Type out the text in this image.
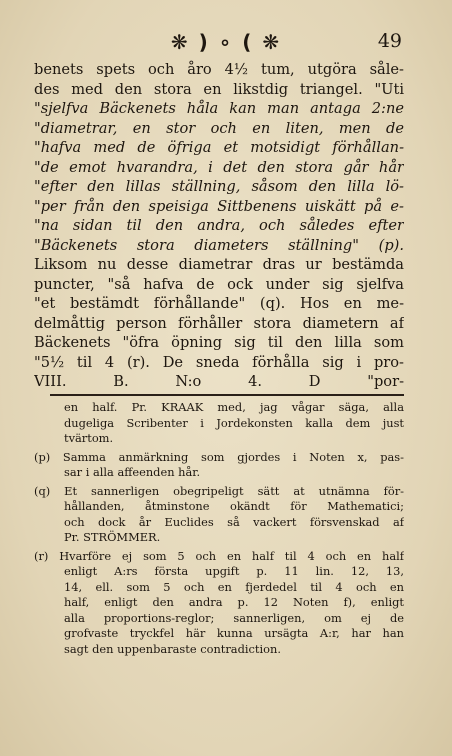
❋ ) ∘ ( ❋	49
benets spets och åro 4½ tum, utgöra såle-
des med den stora en likstdig triangel. "Uti
"sjelfva Bäckenets håla kan man antaga 2:ne
"diametrar, en stor och en liten, men de
"hafva med de öfriga et motsidigt förhållan-
"de emot hvarandra, i det den stora går hår
"efter den lillas ställning, såsom den lilla lö-
"per från den speisiga Sittbenens uiskätt på e-
"na sidan til den andra, och således efter
"Bäckenets stora diameters ställning" (p).
Liksom nu desse diametrar dras ur bestämda
puncter, "så hafva de ock under sig sjelfva
"et bestämdt förhållande" (q). Hos en me-
delmåttig person förhåller stora diametern af
Bäckenets "öfra öpning sig til den lilla som
"5½ til 4 (r). De sneda förhålla sig i pro-
VIII. B. N:o 4. D "por-
en half. Pr. KRAAK med, jag vågar säga, alla
dugeliga Scribenter i Jordekonsten kalla dem just
tvärtom.
(p) Samma anmärkning som gjordes i Noten x, pas-
sar i alla affeenden hår.
(q) Et sannerligen obegripeligt sätt at utnämna för-
hållanden, åtminstone okändt för Mathematici;
och dock år Euclides så vackert försvenskad af
Pr. STRÖMMER.
(r) Hvarföre ej som 5 och en half til 4 och en half
enligt A:rs första upgift p. 11 lin. 12, 13,
14, ell. som 5 och en fjerdedel til 4 och en
half, enligt den andra p. 12 Noten f), enligt
alla proportions-reglor; sannerligen, om ej de
grofvaste tryckfel här kunna ursägta A:r, har han
sagt den uppenbaraste contradiction.
